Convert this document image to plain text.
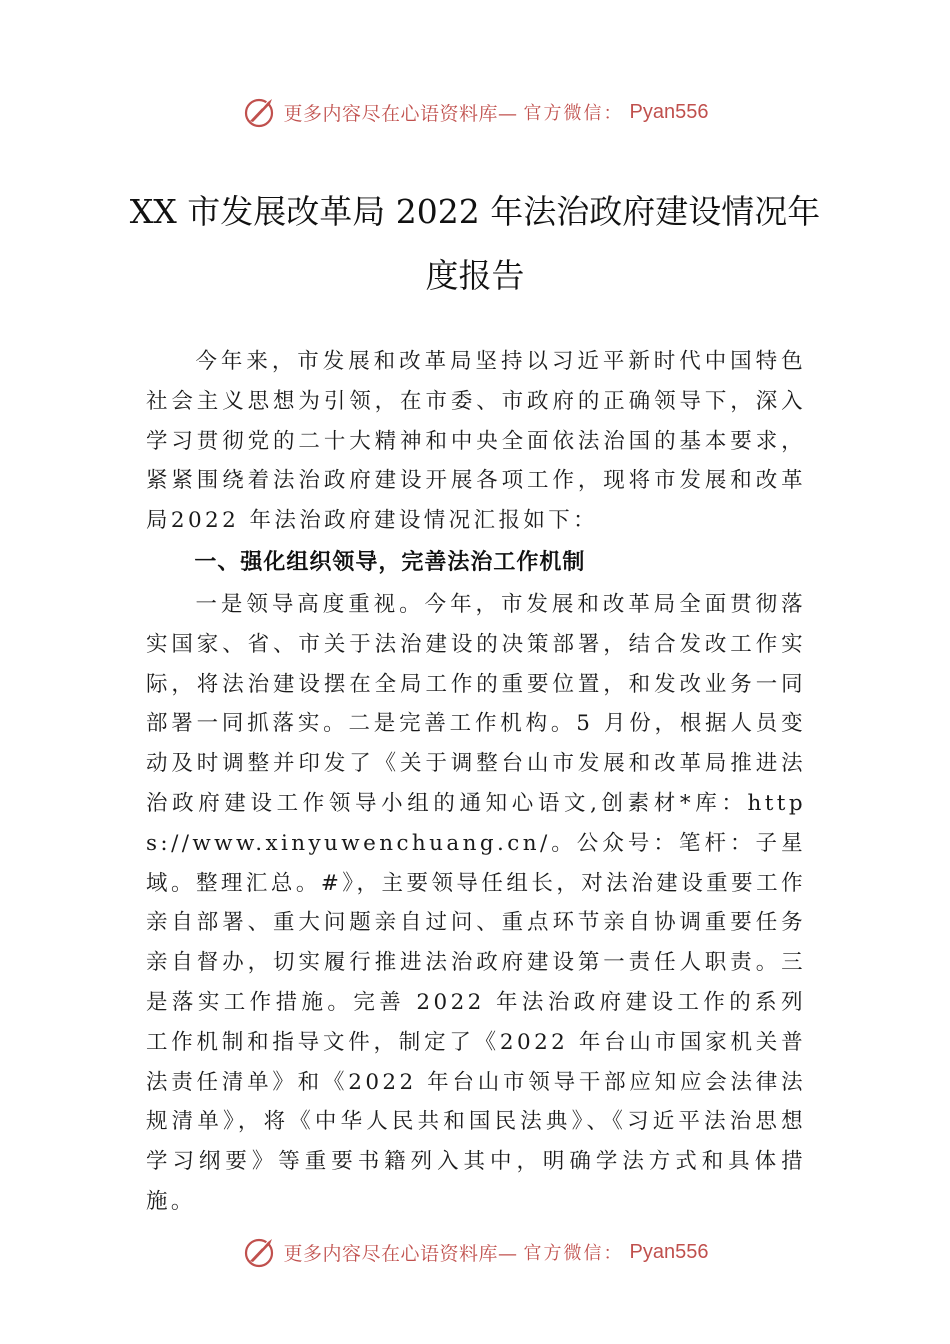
更多内容尽在心语资料库— 官方微信： Pyan556
XX 市发展改革局 2022 年法治政府建设情况年度报告

今年来，市发展和改革局坚持以习近平新时代中国特色社会主义思想为引领，在市委、市政府的正确领导下，深入学习贯彻党的二十大精神和中央全面依法治国的基本要求， 紧紧围绕着法治政府建设开展各项工作，现将市发展和改革局2022 年法治政府建设情况汇报如下：

一、强化组织领导，完善法治工作机制

一是领导高度重视。今年，市发展和改革局全面贯彻落实国家、省、市关于法治建设的决策部署，结合发改工作实际，将法治建设摆在全局工作的重要位置，和发改业务一同部署一同抓落实。二是完善工作机构。5 月份，根据人员变动及时调整并印发了《关于调整台山市发展和改革局推进法治政府建设工作领导小组的通知心语文,创素材*库：https://www.xinyuwenchuang.cn/。公众号：笔杆：子星域。整理汇总。#》，主要领导任组长，对法治建设重要工作亲自部署、重大问题亲自过问、重点环节亲自协调重要任务亲自督办，切实履行推进法治政府建设第一责任人职责。三是落实工作措施。完善 2022 年法治政府建设工作的系列工作机制和指导文件，制定了《2022 年台山市国家机关普法责任清单》和《2022 年台山市领导干部应知应会法律法规清单》，将《中华人民共和国民法典》、《习近平法治思想学习纲要》等重要书籍列入其中，明确学法方式和具体措施。

更多内容尽在心语资料库— 官方微信： Pyan556
